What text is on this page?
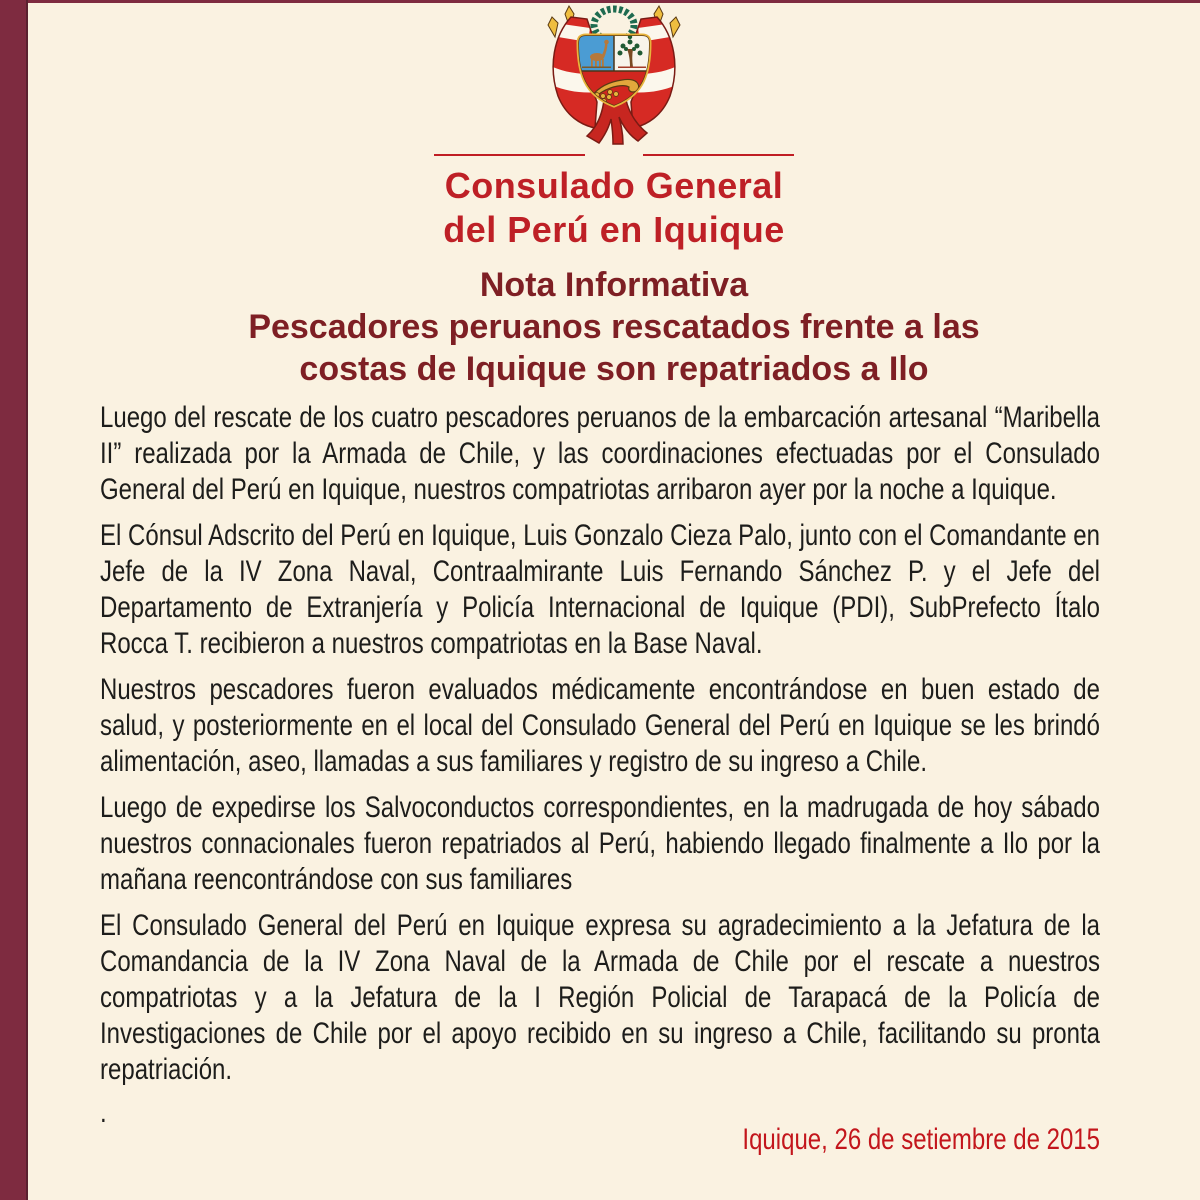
Consulado General
del Perú en Iquique
Nota Informativa
Pescadores peruanos rescatados frente a las
costas de Iquique son repatriados a Ilo

Luego del rescate de los cuatro pescadores peruanos de la embarcación artesanal “Maribella II” realizada por la Armada de Chile, y las coordinaciones efectuadas por el Consulado General del Perú en Iquique, nuestros compatriotas arribaron ayer por la noche a Iquique.

El Cónsul Adscrito del Perú en Iquique, Luis Gonzalo Cieza Palo, junto con el Comandante en Jefe de la IV Zona Naval, Contraalmirante Luis Fernando Sánchez P. y el Jefe del Departamento de Extranjería y Policía Internacional de Iquique (PDI), SubPrefecto Ítalo Rocca T. recibieron a nuestros compatriotas en la Base Naval.

Nuestros pescadores fueron evaluados médicamente encontrándose en buen estado de salud, y posteriormente en el local del Consulado General del Perú en Iquique se les brindó alimentación, aseo, llamadas a sus familiares y registro de su ingreso a Chile.

Luego de expedirse los Salvoconductos correspondientes, en la madrugada de hoy sábado nuestros connacionales fueron repatriados al Perú, habiendo llegado finalmente a Ilo por la mañana reencontrándose con sus familiares

El Consulado General del Perú en Iquique expresa su agradecimiento a la Jefatura de la Comandancia de la IV Zona Naval de la Armada de Chile por el rescate a nuestros compatriotas y a la Jefatura de la I Región Policial de Tarapacá de la Policía de Investigaciones de Chile por el apoyo recibido en su ingreso a Chile, facilitando su pronta repatriación.

.

Iquique, 26 de setiembre de 2015
